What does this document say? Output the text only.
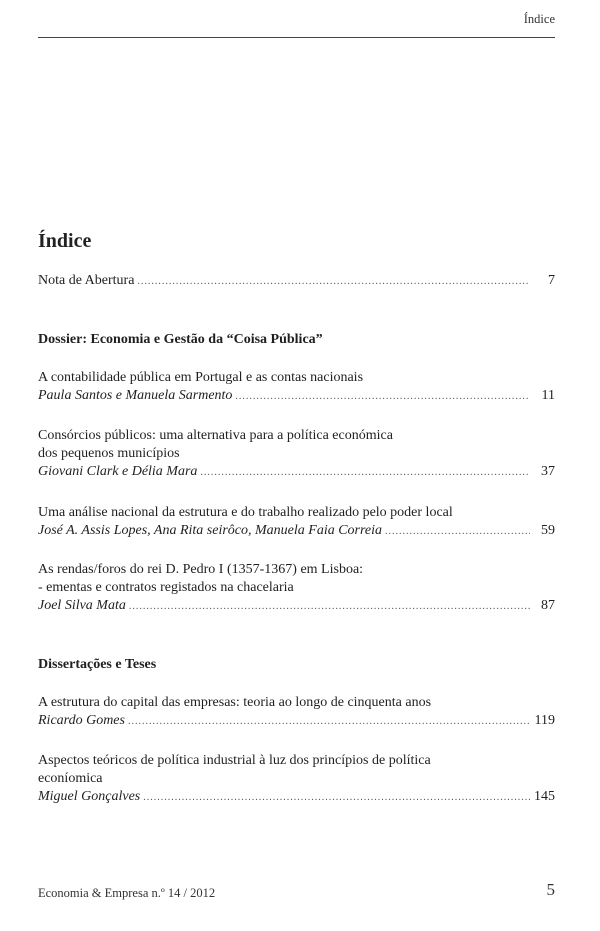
Índice
Índice
Nota de Abertura .....	7
Dossier: Economia e Gestão da “Coisa Pública”
A contabilidade pública em Portugal e as contas nacionais
Paula Santos e Manuela Sarmento .....	11
Consórcios públicos: uma alternativa para a política económica
dos pequenos municípios
Giovani Clark e Délia Mara .....	37
Uma análise nacional da estrutura e do trabalho realizado pelo poder local
José A. Assis Lopes, Ana Rita seirôco, Manuela Faia Correia .....	59
As rendas/foros do rei D. Pedro I (1357-1367) em Lisboa:
- ementas e contratos registados na chacelaria
Joel Silva Mata .....	87
Dissertações e Teses
A estrutura do capital das empresas: teoria ao longo de cinquenta anos
Ricardo Gomes .....	119
Aspectos teóricos de política industrial à luz dos princípios de política
econíomica
Miguel Gonçalves .....	145
Economia & Empresa n.º 14 / 2012	5
